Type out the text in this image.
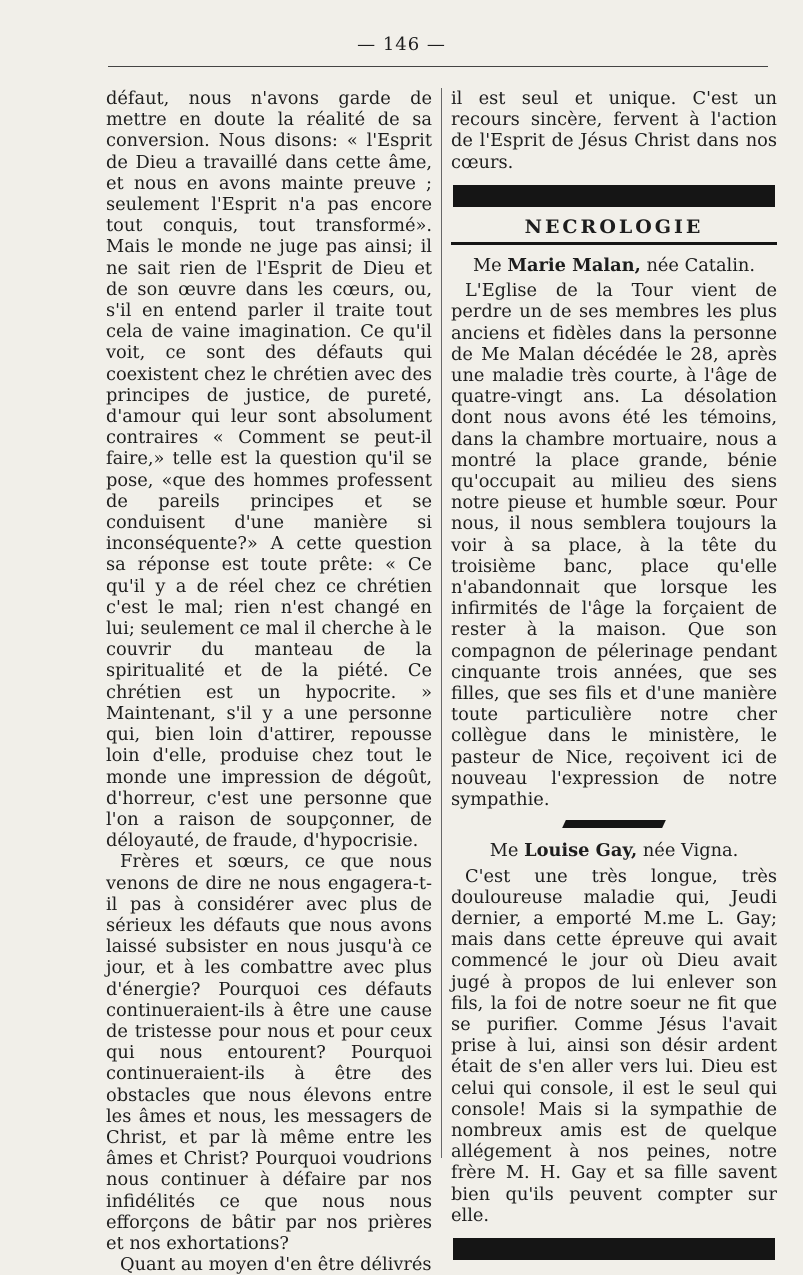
— 146 —

défaut, nous n'avons garde de mettre en doute la réalité de sa conversion. Nous disons: « l'Esprit de Dieu a travaillé dans cette âme, et nous en avons mainte preuve ; seulement l'Esprit n'a pas encore tout conquis, tout transformé». Mais le monde ne juge pas ainsi; il ne sait rien de l'Esprit de Dieu et de son œuvre dans les cœurs, ou, s'il en entend parler il traite tout cela de vaine imagination. Ce qu'il voit, ce sont des défauts qui coexistent chez le chrétien avec des principes de justice, de pureté, d'amour qui leur sont absolument contraires « Comment se peut-il faire,» telle est la question qu'il se pose, «que des hommes professent de pareils principes et se conduisent d'une manière si inconséquente?» A cette question sa réponse est toute prête: « Ce qu'il y a de réel chez ce chrétien c'est le mal; rien n'est changé en lui; seulement ce mal il cherche à le couvrir du manteau de la spiritualité et de la piété. Ce chrétien est un hypocrite. » Maintenant, s'il y a une personne qui, bien loin d'attirer, repousse loin d'elle, produise chez tout le monde une impression de dégoût, d'horreur, c'est une personne que l'on a raison de soupçonner, de déloyauté, de fraude, d'hypocrisie.

Frères et sœurs, ce que nous venons de dire ne nous engagera-t-il pas à considérer avec plus de sérieux les défauts que nous avons laissé subsister en nous jusqu'à ce jour, et à les combattre avec plus d'énergie? Pourquoi ces défauts continueraient-ils à être une cause de tristesse pour nous et pour ceux qui nous entourent? Pourquoi continueraient-ils à être des obstacles que nous élevons entre les âmes et nous, les messagers de Christ, et par là même entre les âmes et Christ? Pourquoi voudrions nous continuer à défaire par nos infidélités ce que nous nous efforçons de bâtir par nos prières et nos exhortations?

Quant au moyen d'en être délivrés

il est seul et unique. C'est un recours sincère, fervent à l'action de l'Esprit de Jésus Christ dans nos cœurs.

NECROLOGIE
Me Marie Malan, née Catalin.

L'Eglise de la Tour vient de perdre un de ses membres les plus anciens et fidèles dans la personne de Me Malan décédée le 28, après une maladie très courte, à l'âge de quatre-vingt ans. La désolation dont nous avons été les témoins, dans la chambre mortuaire, nous a montré la place grande, bénie qu'occupait au milieu des siens notre pieuse et humble sœur. Pour nous, il nous semblera toujours la voir à sa place, à la tête du troisième banc, place qu'elle n'abandonnait que lorsque les infirmités de l'âge la forçaient de rester à la maison. Que son compagnon de pélerinage pendant cinquante trois années, que ses filles, que ses fils et d'une manière toute particulière notre cher collègue dans le ministère, le pasteur de Nice, reçoivent ici de nouveau l'expression de notre sympathie.

Me Louise Gay, née Vigna.

C'est une très longue, très douloureuse maladie qui, Jeudi dernier, a emporté M.me L. Gay; mais dans cette épreuve qui avait commencé le jour où Dieu avait jugé à propos de lui enlever son fils, la foi de notre soeur ne fit que se purifier. Comme Jésus l'avait prise à lui, ainsi son désir ardent était de s'en aller vers lui. Dieu est celui qui console, il est le seul qui console! Mais si la sympathie de nombreux amis est de quelque allégement à nos peines, notre frère M. H. Gay et sa fille savent bien qu'ils peuvent compter sur elle.
